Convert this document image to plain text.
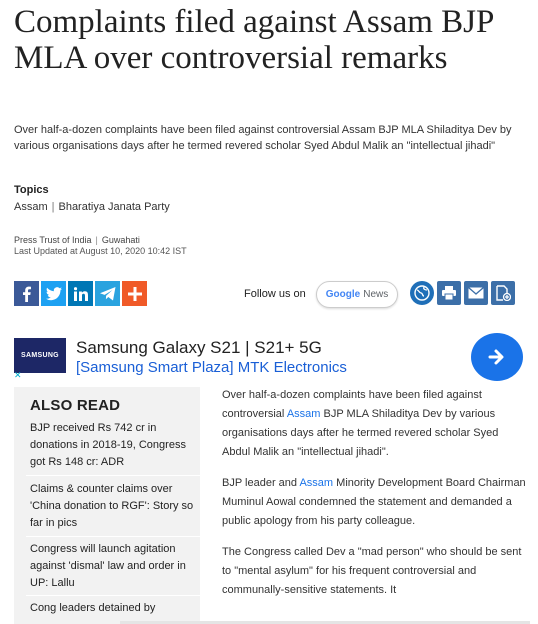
Complaints filed against Assam BJP MLA over controversial remarks

Over half-a-dozen complaints have been filed against controversial Assam BJP MLA Shiladitya Dev by various organisations days after he termed revered scholar Syed Abdul Malik an "intellectual jihadi"

Topics
Assam | Bharatiya Janata Party
Press Trust of India | Guwahati
Last Updated at August 10, 2020 10:42 IST
Follow us on Google News
SAMSUNG
✕
Samsung Galaxy S21 | S21+ 5G
[Samsung Smart Plaza] MTK Electronics
ALSO READ
BJP received Rs 742 cr in donations in 2018-19, Congress got Rs 148 cr: ADR
Claims & counter claims over 'China donation to RGF': Story so far in pics
Congress will launch agitation against 'dismal' law and order in UP: Lallu
Cong leaders detained by

Over half-a-dozen complaints have been filed against controversial Assam BJP MLA Shiladitya Dev by various organisations days after he termed revered scholar Syed Abdul Malik an "intellectual jihadi".

BJP leader and Assam Minority Development Board Chairman Muminul Aowal condemned the statement and demanded a public apology from his party colleague.

The Congress called Dev a "mad person" who should be sent to "mental asylum" for his frequent controversial and communally-sensitive statements. It
